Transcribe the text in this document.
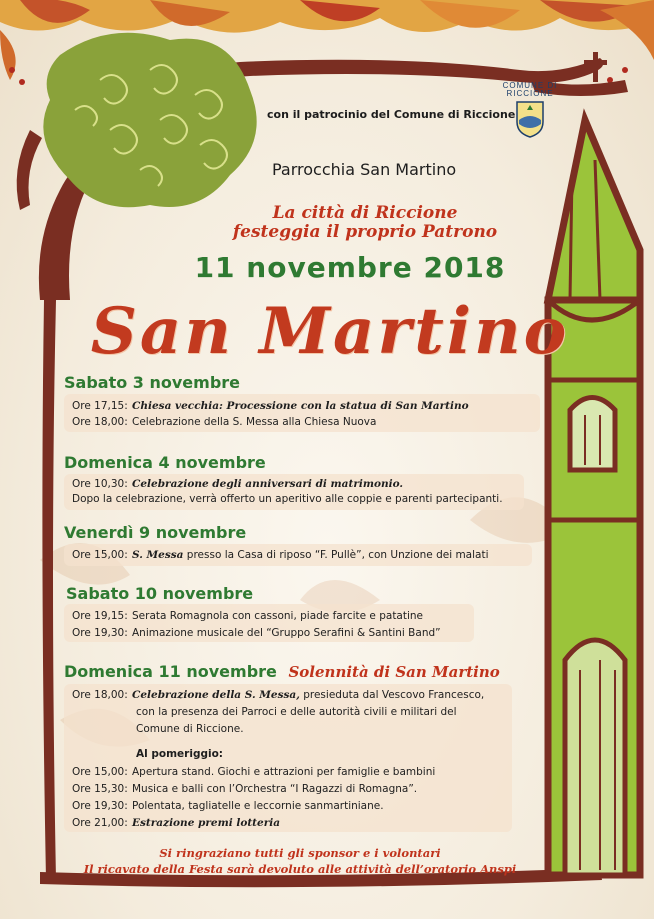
con il patrocinio del Comune di Riccione
COMUNE DI
RICCIONE
Parrocchia San Martino
La città di Riccione
festeggia il proprio Patrono
11 novembre 2018
San Martino
Sabato 3 novembre
Ore 17,15: Chiesa vecchia: Processione con la statua di San Martino
Ore 18,00: Celebrazione della S. Messa alla Chiesa Nuova
Domenica 4 novembre
Ore 10,30: Celebrazione degli anniversari di matrimonio.
Dopo la celebrazione, verrà offerto un aperitivo alle coppie e parenti partecipanti.
Venerdì 9 novembre
Ore 15,00: S. Messa presso la Casa di riposo “F. Pullè”, con Unzione dei malati
Sabato 10 novembre
Ore 19,15: Serata Romagnola con cassoni, piade farcite e patatine
Ore 19,30: Animazione musicale del “Gruppo Serafini & Santini Band”
Domenica 11 novembre Solennità di San Martino
Ore 18,00: Celebrazione della S. Messa, presieduta dal Vescovo Francesco,
con la presenza dei Parroci e delle autorità civili e militari del
Comune di Riccione.
Al pomeriggio:
Ore 15,00: Apertura stand. Giochi e attrazioni per famiglie e bambini
Ore 15,30: Musica e balli con l’Orchestra “I Ragazzi di Romagna”.
Ore 19,30: Polentata, tagliatelle e leccornie sanmartiniane.
Ore 21,00: Estrazione premi lotteria
Si ringraziano tutti gli sponsor e i volontari
Il ricavato della Festa sarà devoluto alle attività dell’oratorio Anspi
